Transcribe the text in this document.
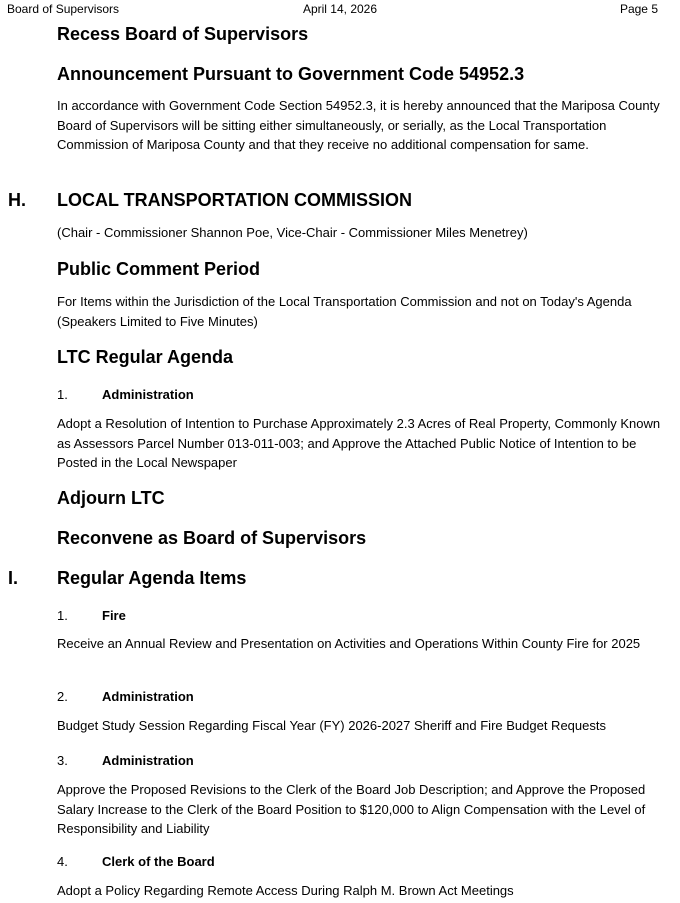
Board of Supervisors	April 14, 2026	Page 5
Recess Board of Supervisors
Announcement Pursuant to Government Code 54952.3
In accordance with Government Code Section 54952.3, it is hereby announced that the Mariposa County Board of Supervisors will be sitting either simultaneously, or serially, as the Local Transportation Commission of Mariposa County and that they receive no additional compensation for same.
H. LOCAL TRANSPORTATION COMMISSION
(Chair - Commissioner Shannon Poe, Vice-Chair - Commissioner Miles Menetrey)
Public Comment Period
For Items within the Jurisdiction of the Local Transportation Commission and not on Today's Agenda (Speakers Limited to Five Minutes)
LTC Regular Agenda
1.	Administration
Adopt a Resolution of Intention to Purchase Approximately 2.3 Acres of Real Property, Commonly Known as Assessors Parcel Number 013-011-003; and Approve the Attached Public Notice of Intention to be Posted in the Local Newspaper
Adjourn LTC
Reconvene as Board of Supervisors
I. Regular Agenda Items
1.	Fire
Receive an Annual Review and Presentation on Activities and Operations Within County Fire for 2025
2.	Administration
Budget Study Session Regarding Fiscal Year (FY) 2026-2027 Sheriff and Fire Budget Requests
3.	Administration
Approve the Proposed Revisions to the Clerk of the Board Job Description; and Approve the Proposed Salary Increase to the Clerk of the Board Position to $120,000 to Align Compensation with the Level of Responsibility and Liability
4.	Clerk of the Board
Adopt a Policy Regarding Remote Access During Ralph M. Brown Act Meetings
